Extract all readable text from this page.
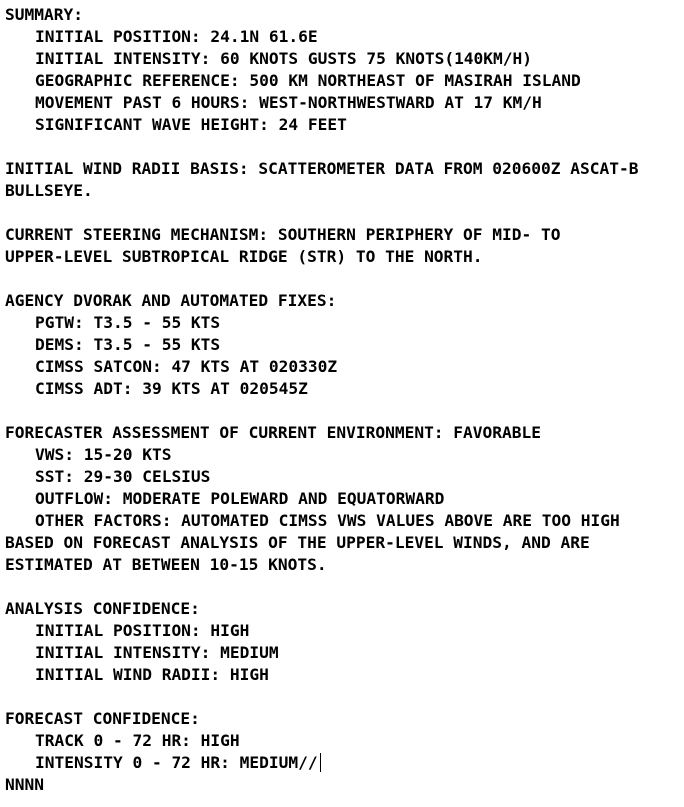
SUMMARY:
INITIAL POSITION: 24.1N 61.6E
INITIAL INTENSITY: 60 KNOTS GUSTS 75 KNOTS(140KM/H)
GEOGRAPHIC REFERENCE: 500 KM NORTHEAST OF MASIRAH ISLAND
MOVEMENT PAST 6 HOURS: WEST-NORTHWESTWARD AT 17 KM/H
SIGNIFICANT WAVE HEIGHT: 24 FEET
INITIAL WIND RADII BASIS: SCATTEROMETER DATA FROM 020600Z ASCAT-B
BULLSEYE.
CURRENT STEERING MECHANISM: SOUTHERN PERIPHERY OF MID- TO
UPPER-LEVEL SUBTROPICAL RIDGE (STR) TO THE NORTH.
AGENCY DVORAK AND AUTOMATED FIXES:
PGTW: T3.5 - 55 KTS
DEMS: T3.5 - 55 KTS
CIMSS SATCON: 47 KTS AT 020330Z
CIMSS ADT: 39 KTS AT 020545Z
FORECASTER ASSESSMENT OF CURRENT ENVIRONMENT: FAVORABLE
VWS: 15-20 KTS
SST: 29-30 CELSIUS
OUTFLOW: MODERATE POLEWARD AND EQUATORWARD
OTHER FACTORS: AUTOMATED CIMSS VWS VALUES ABOVE ARE TOO HIGH
BASED ON FORECAST ANALYSIS OF THE UPPER-LEVEL WINDS, AND ARE
ESTIMATED AT BETWEEN 10-15 KNOTS.
ANALYSIS CONFIDENCE:
INITIAL POSITION: HIGH
INITIAL INTENSITY: MEDIUM
INITIAL WIND RADII: HIGH
FORECAST CONFIDENCE:
TRACK 0 - 72 HR: HIGH
INTENSITY 0 - 72 HR: MEDIUM//
NNNN
